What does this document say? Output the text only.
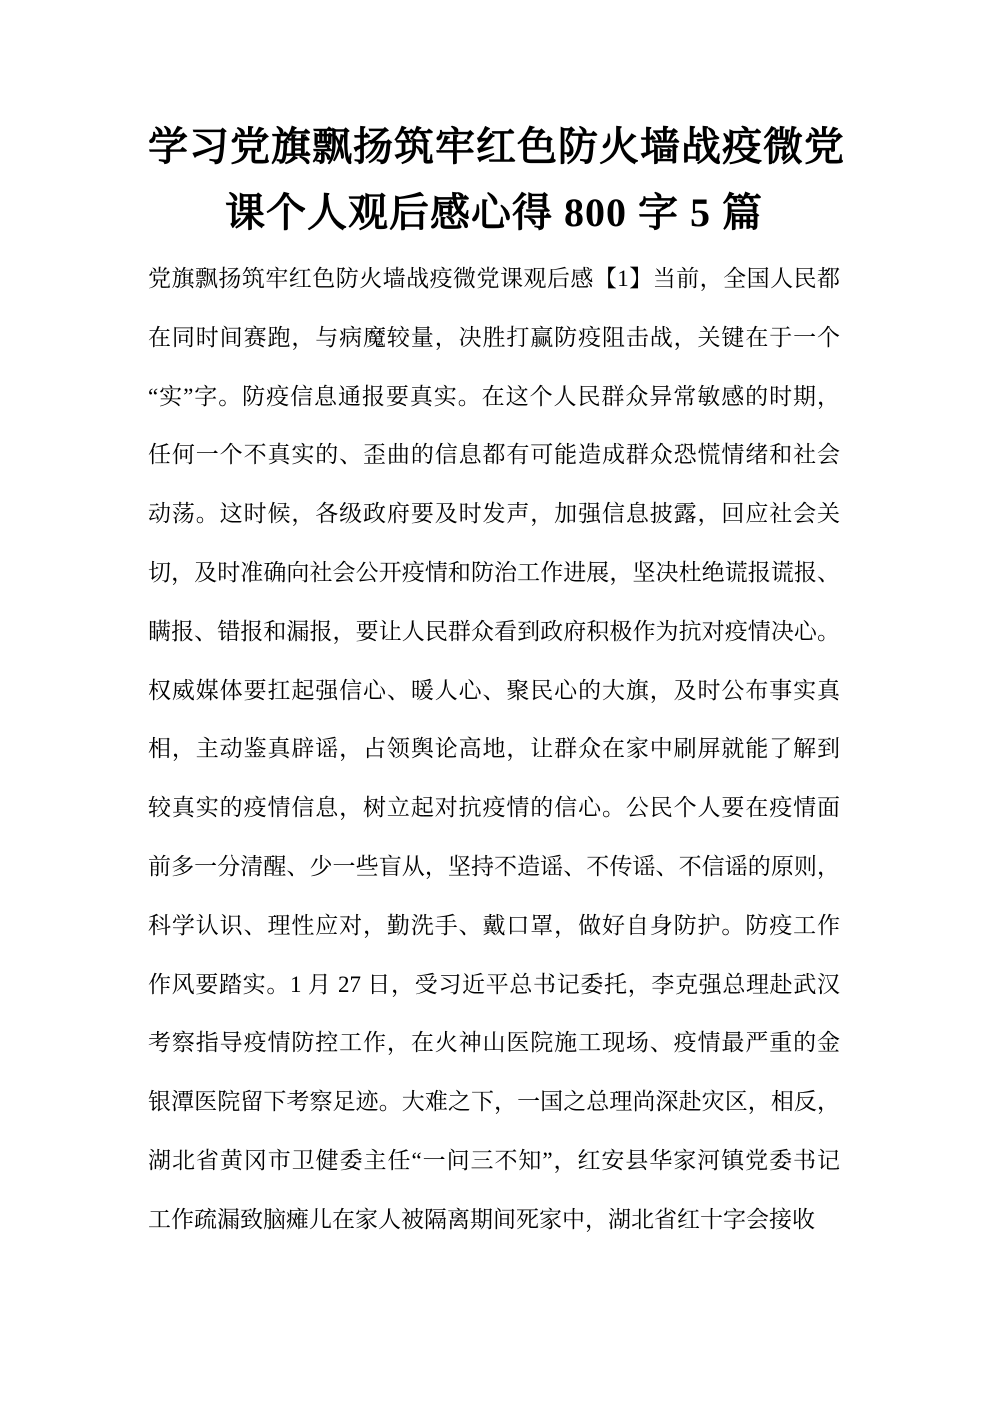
学习党旗飘扬筑牢红色防火墙战疫微党
课个人观后感心得 800 字 5 篇
党旗飘扬筑牢红色防火墙战疫微党课观后感【1】当前，全国人民都
在同时间赛跑，与病魔较量，决胜打赢防疫阻击战，关键在于一个
“实”字。防疫信息通报要真实。在这个人民群众异常敏感的时期，
任何一个不真实的、歪曲的信息都有可能造成群众恐慌情绪和社会
动荡。这时候，各级政府要及时发声，加强信息披露，回应社会关
切，及时准确向社会公开疫情和防治工作进展，坚决杜绝谎报谎报、
瞒报、错报和漏报，要让人民群众看到政府积极作为抗对疫情决心。
权威媒体要扛起强信心、暖人心、聚民心的大旗，及时公布事实真
相，主动鉴真辟谣，占领舆论高地，让群众在家中刷屏就能了解到
较真实的疫情信息，树立起对抗疫情的信心。公民个人要在疫情面
前多一分清醒、少一些盲从，坚持不造谣、不传谣、不信谣的原则，
科学认识、理性应对，勤洗手、戴口罩，做好自身防护。防疫工作
作风要踏实。1 月 27 日，受习近平总书记委托，李克强总理赴武汉
考察指导疫情防控工作，在火神山医院施工现场、疫情最严重的金
银潭医院留下考察足迹。大难之下，一国之总理尚深赴灾区，相反，
湖北省黄冈市卫健委主任“一问三不知”，红安县华家河镇党委书记
工作疏漏致脑瘫儿在家人被隔离期间死家中，湖北省红十字会接收
